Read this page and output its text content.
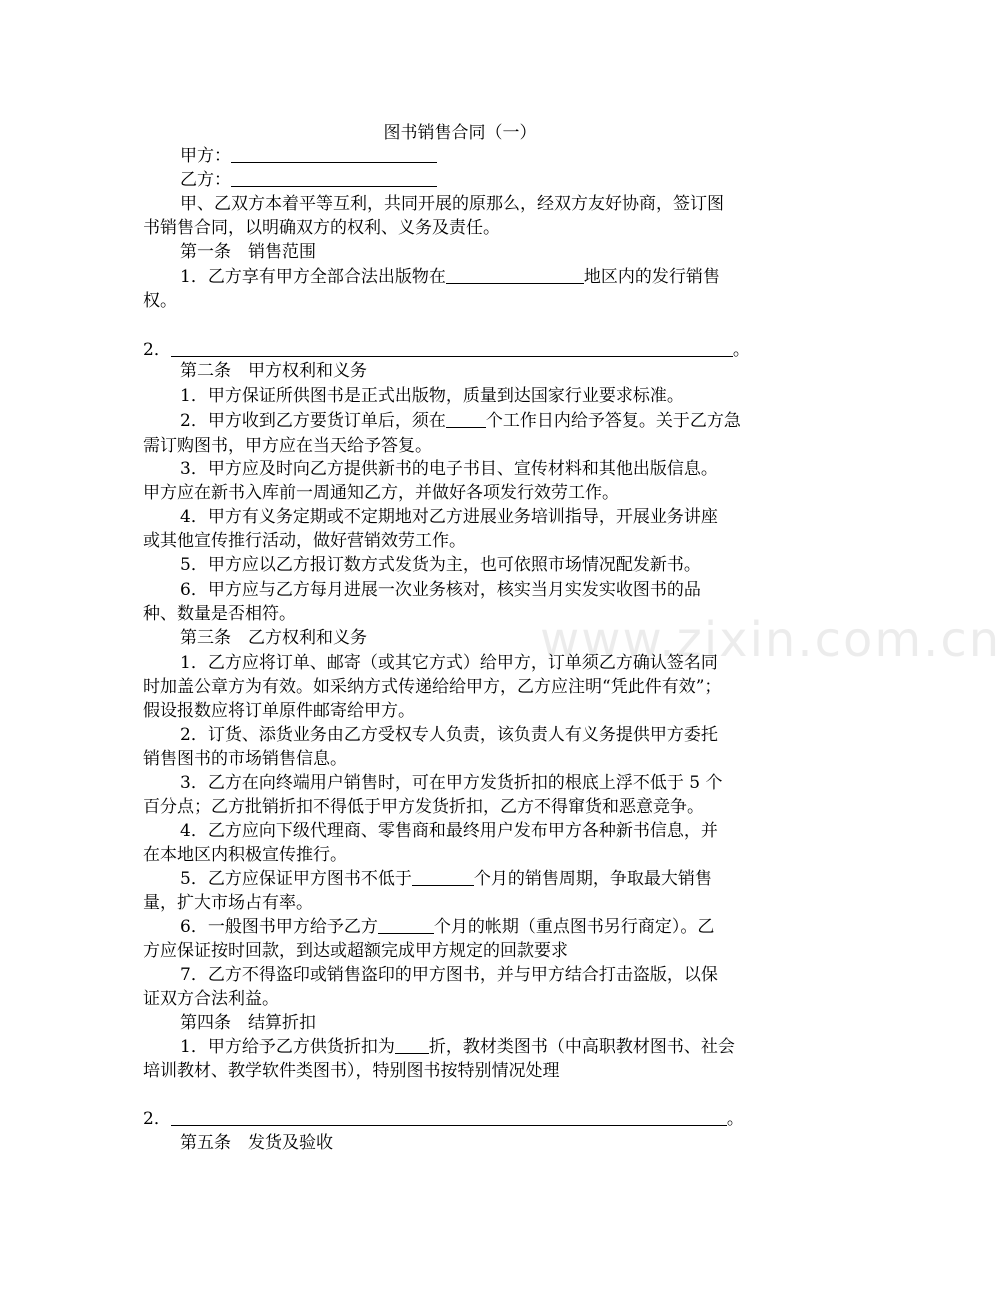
www.zixin.com.cn
图书销售合同（一）
甲方：
乙方：
甲、乙双方本着平等互利，共同开展的原那么，经双方友好协商，签订图
书销售合同，以明确双方的权利、义务及责任。
第一条　销售范围
1．乙方享有甲方全部合法出版物在	地区内的发行销售
权。
2．	。
第二条　甲方权利和义务
1．甲方保证所供图书是正式出版物，质量到达国家行业要求标准。
2．甲方收到乙方要货订单后，须在 个工作日内给予答复。关于乙方急
需订购图书，甲方应在当天给予答复。
3．甲方应及时向乙方提供新书的电子书目、宣传材料和其他出版信息。
甲方应在新书入库前一周通知乙方，并做好各项发行效劳工作。
4．甲方有义务定期或不定期地对乙方进展业务培训指导，开展业务讲座
或其他宣传推行活动，做好营销效劳工作。
5．甲方应以乙方报订数方式发货为主，也可依照市场情况配发新书。
6．甲方应与乙方每月进展一次业务核对，核实当月实发实收图书的品
种、数量是否相符。
第三条　乙方权利和义务
1．乙方应将订单、邮寄（或其它方式）给甲方，订单须乙方确认签名同
时加盖公章方为有效。如采纳方式传递给给甲方，乙方应注明“凭此件有效”；
假设报数应将订单原件邮寄给甲方。
2．订货、添货业务由乙方受权专人负责，该负责人有义务提供甲方委托
销售图书的市场销售信息。
3．乙方在向终端用户销售时，可在甲方发货折扣的根底上浮不低于 5 个
百分点；乙方批销折扣不得低于甲方发货折扣，乙方不得窜货和恶意竞争。
4．乙方应向下级代理商、零售商和最终用户发布甲方各种新书信息，并
在本地区内积极宣传推行。
5．乙方应保证甲方图书不低于	个月的销售周期，争取最大销售
量，扩大市场占有率。
6．一般图书甲方给予乙方	个月的帐期（重点图书另行商定）。乙
方应保证按时回款，到达或超额完成甲方规定的回款要求
7．乙方不得盗印或销售盗印的甲方图书，并与甲方结合打击盗版，以保
证双方合法利益。
第四条　结算折扣
1．甲方给予乙方供货折扣为 折，教材类图书（中高职教材图书、社会
培训教材、教学软件类图书），特别图书按特别情况处理
2．	。
第五条　发货及验收
